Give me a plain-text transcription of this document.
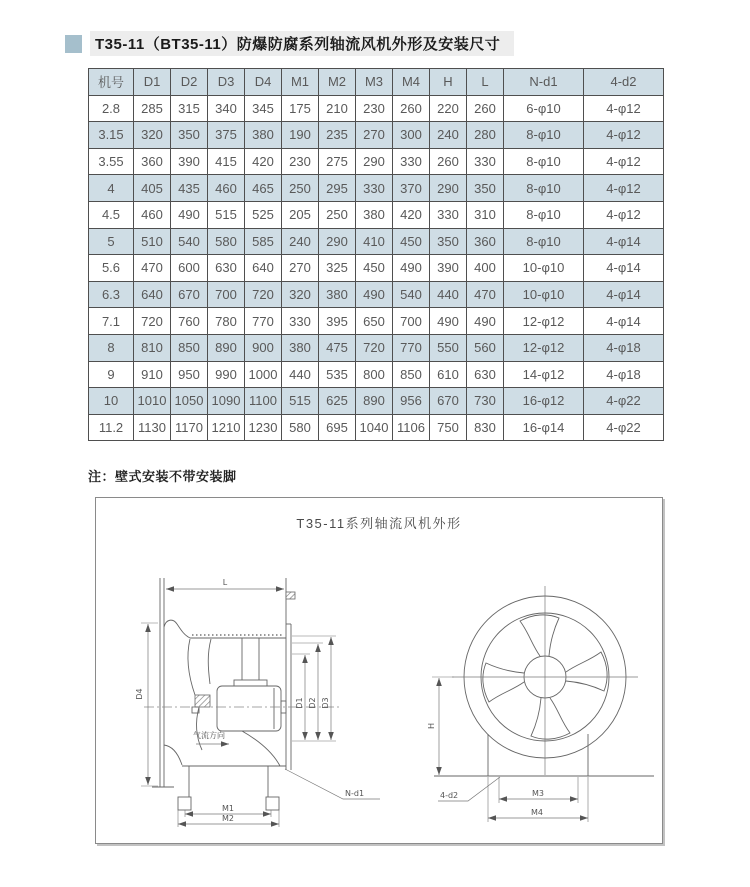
T35-11（BT35-11）防爆防腐系列轴流风机外形及安装尺寸
机号	D1	D2	D3	D4	M1	M2	M3	M4	H	L	N-d1	4-d2
2.8	285	315	340	345	175	210	230	260	220	260	6-φ10	4-φ12
3.15	320	350	375	380	190	235	270	300	240	280	8-φ10	4-φ12
3.55	360	390	415	420	230	275	290	330	260	330	8-φ10	4-φ12
4	405	435	460	465	250	295	330	370	290	350	8-φ10	4-φ12
4.5	460	490	515	525	205	250	380	420	330	310	8-φ10	4-φ12
5	510	540	580	585	240	290	410	450	350	360	8-φ10	4-φ14
5.6	470	600	630	640	270	325	450	490	390	400	10-φ10	4-φ14
6.3	640	670	700	720	320	380	490	540	440	470	10-φ10	4-φ14
7.1	720	760	780	770	330	395	650	700	490	490	12-φ12	4-φ14
8	810	850	890	900	380	475	720	770	550	560	12-φ12	4-φ18
9	910	950	990	1000	440	535	800	850	610	630	14-φ12	4-φ18
10	1010	1050	1090	1100	515	625	890	956	670	730	16-φ12	4-φ22
11.2	1130	1170	1210	1230	580	695	1040	1106	750	830	16-φ14	4-φ22
注：壁式安装不带安装脚
T35-11系列轴流风机外形
L
气流方向
M1
M2
N-d1
D4
D1 D2 D3
H
M3
M4
4-d2
